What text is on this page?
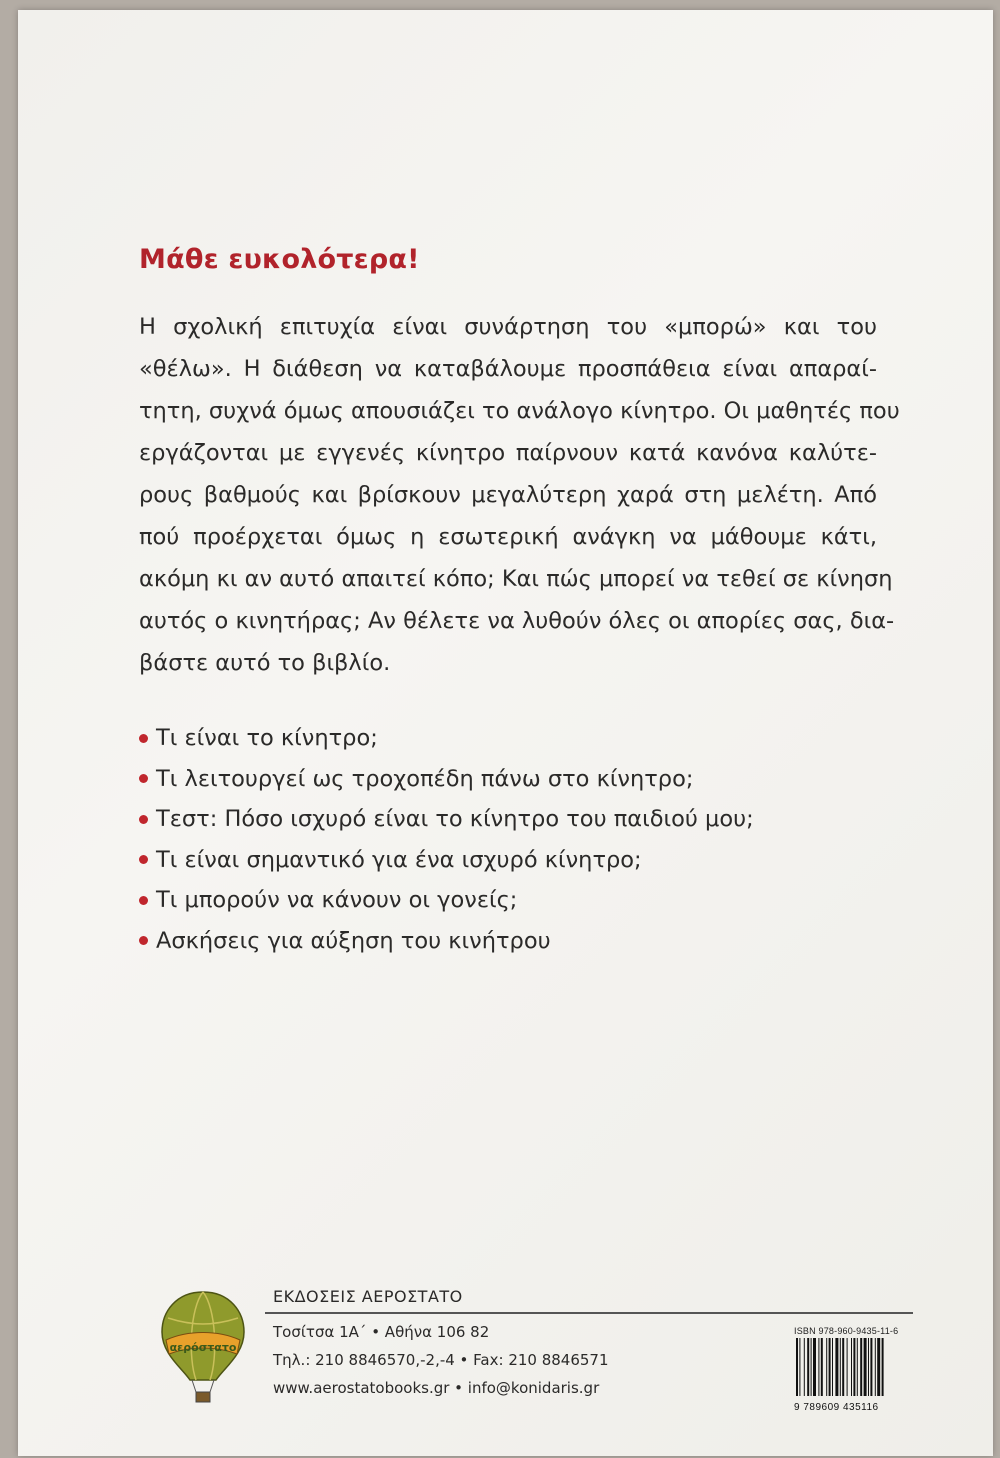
Μάθε ευκολότερα!
Η σχολική επιτυχία είναι συνάρτηση του «μπορώ» και του
«θέλω». Η διάθεση να καταβάλουμε προσπάθεια είναι απαραί-
τητη, συχνά όμως απουσιάζει το ανάλογο κίνητρο. Οι μαθητές που
εργάζονται με εγγενές κίνητρο παίρνουν κατά κανόνα καλύτε-
ρους βαθμούς και βρίσκουν μεγαλύτερη χαρά στη μελέτη. Από
πού προέρχεται όμως η εσωτερική ανάγκη να μάθουμε κάτι,
ακόμη κι αν αυτό απαιτεί κόπο; Και πώς μπορεί να τεθεί σε κίνηση
αυτός ο κινητήρας; Αν θέλετε να λυθούν όλες οι απορίες σας, δια-
βάστε αυτό το βιβλίο.
Τι είναι το κίνητρο;
Τι λειτουργεί ως τροχοπέδη πάνω στο κίνητρο;
Τεστ: Πόσο ισχυρό είναι το κίνητρο του παιδιού μου;
Τι είναι σημαντικό για ένα ισχυρό κίνητρο;
Τι μπορούν να κάνουν οι γονείς;
Ασκήσεις για αύξηση του κινήτρου
αερόστατο
ΕΚΔΟΣΕΙΣ ΑΕΡΟΣΤΑΤΟ
Τοσίτσα 1Α΄ • Αθήνα 106 82
Τηλ.: 210 8846570,-2,-4 • Fax: 210 8846571
www.aerostatobooks.gr • info@konidaris.gr
ISBN 978-960-9435-11-6
9 789609 435116
